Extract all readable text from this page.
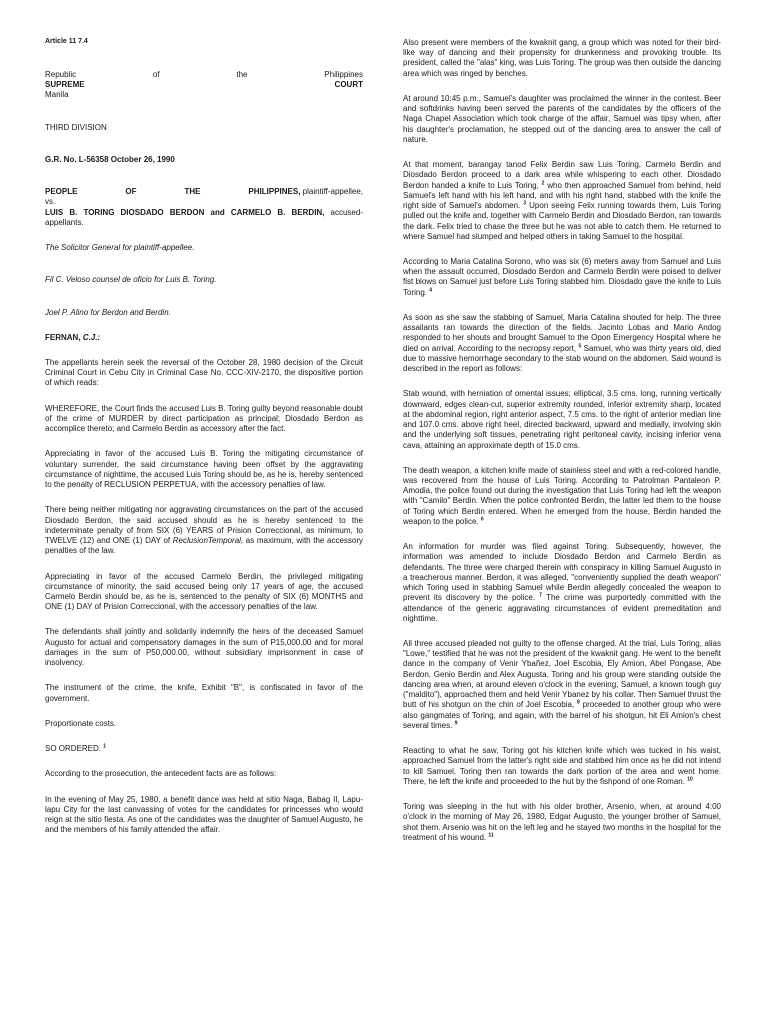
Article 11 7.4

Republic	of	the	Philippines
SUPREME	COURT

Manila

THIRD DIVISION

G.R. No. L-56358 October 26, 1990

PEOPLE	OF	THE	PHILIPPINES, plaintiff-appellee,
vs.

LUIS B. TORING DIOSDADO BERDON and CARMELO B. BERDIN, accused-appellants.

The Solicitor General for plaintiff-appellee.

Fil C. Veloso counsel de oficio for Luis B. Toring.

Joel P. Alino for Berdon and Berdin.

FERNAN, C.J.:

The appellants herein seek the reversal of the October 28, 1980 decision of the Circuit Criminal Court in Cebu City in Criminal Case No. CCC-XIV-2170, the dispositive portion of which reads:

WHEREFORE, the Court finds the accused Luis B. Toring guilty beyond reasonable doubt of the crime of MURDER by direct participation as principal; Diosdado Berdon as accomplice thereto; and Carmelo Berdin as accessory after the fact.

Appreciating in favor of the accused Luis B. Toring the mitigating circumstance of voluntary surrender, the said circumstance having been offset by the aggravating circumstance of nighttime, the accused Luis Toring should be, as he is, hereby sentenced to the penalty of RECLUSION PERPETUA, with the accessory penalties of law.

There being neither mitigating nor aggravating circumstances on the part of the accused Diosdado Berdon, the said accused should as he is hereby sentenced to the indeterminate penalty of from SIX (6) YEARS of Prision Correccional, as minimum, to TWELVE (12) and ONE (1) DAY of ReclusionTemporal, as maximum, with the accessory penalties of the law.

Appreciating in favor of the accused Carmelo Berdin, the privileged mitigating circumstance of minority, the said accused being only 17 years of age, the accused Carmelo Berdin should be, as he is, sentenced to the penalty of SIX (6) MONTHS and ONE (1) DAY of Prision Correccional, with the accessory penalties of the law.

The defendants shall jointly and solidarily indemnify the heirs of the deceased Samuel Augusto for actual and compensatory damages in the sum of P15,000.00 and for moral damages in the sum of P50,000.00, without subsidiary imprisonment in case of insolvency.

The instrument of the crime, the knife, Exhibit "B", is confiscated in favor of the government.

Proportionate costs.

SO ORDERED. $^1$

According to the prosecution, the antecedent facts are as follows:

In the evening of May 25, 1980, a benefit dance was held at sitio Naga, Babag II, Lapu-lapu City for the last canvassing of votes for the candidates for princesses who would reign at the sitio fiesta. As one of the candidates was the daughter of Samuel Augusto, he and the members of his family attended the affair.

Also present were members of the kwaknit gang, a group which was noted for their bird-like way of dancing and their propensity for drunkenness and provoking trouble. Its president, called the "alas" king, was Luis Toring. The group was then outside the dancing area which was ringed by benches.

At around 10:45 p.m., Samuel's daughter was proclaimed the winner in the contest. Beer and softdrinks having been served the parents of the candidates by the officers of the Naga Chapel Association which took charge of the affair, Samuel was tipsy when, after his daughter's proclamation, he stepped out of the dancing area to answer the call of nature.

At that moment, barangay tanod Felix Berdin saw Luis Toring, Carmelo Berdin and Diosdado Berdon proceed to a dark area while whispering to each other. Diosdado Berdon handed a knife to Luis Toring, $^2$ who then approached Samuel from behind, held Samuel's left hand with his left hand, and with his right hand, stabbed with the knife the right side of Samuel's abdomen. $^3$ Upon seeing Felix running towards them, Luis Toring pulled out the knife and, together with Carmelo Berdin and Diosdado Berdon, ran towards the dark. Felix tried to chase the three but he was not able to catch them. He returned to where Samuel had slumped and helped others in taking Samuel to the hospital.

According to Maria Catalina Sorono, who was six (6) meters away from Samuel and Luis when the assault occurred, Diosdado Berdon and Carmelo Berdin were poised to deliver fist blows on Samuel just before Luis Toring stabbed him. Diosdado gave the knife to Luis Toring. $^4$

As soon as she saw the stabbing of Samuel, Maria Catalina shouted for help. The three assailants ran towards the direction of the fields. Jacinto Lobas and Mario Andog responded to her shouts and brought Samuel to the Opon Emergency Hospital where he died on arrival. According to the necropsy report, $^5$ Samuel, who was thirty years old, died due to massive hemorrhage secondary to the stab wound on the abdomen. Said wound is described in the report as follows:

Stab wound, with herniation of omental issues; elliptical, 3.5 cms. long, running vertically downward, edges clean-cut, superior extremity rounded, inferior extremity sharp, located at the abdominal region, right anterior aspect, 7.5 cms. to the right of anterior median line and 107.0 cms. above right heel, directed backward, upward and medially, involving skin and the underlying soft tissues, penetrating right peritoneal cavity, incising inferior vena cava, attaining an approximate depth of 15.0 cms.

The death weapon, a kitchen knife made of stainless steel and with a red-colored handle, was recovered from the house of Luis Toring. According to Patrolman Pantaleon P. Amodia, the police found out during the investigation that Luis Toring had left the weapon with "Camilo" Berdin. When the police confronted Berdin, the latter led them to the house of Toring which Berdin entered. When he emerged from the house, Berdin handed the weapon to the police. $^6$

An information for murder was filed against Toring. Subsequently, however, the information was amended to include Diosdado Berdon and Carmelo Berdin as defendants. The three were charged therein with conspiracy in killing Samuel Augusto in a treacherous manner. Berdon, it was alleged, "conveniently supplied the death weapon" which Toring used in stabbing Samuel while Berdin allegedly concealed the weapon to prevent its discovery by the police. $^7$ The crime was purportedly committed with the attendance of the generic aggravating circumstances of evident premeditation and nighttime.

All three accused pleaded not guilty to the offense charged. At the trial, Luis Toring, alias "Lowe," testified that he was not the president of the kwaknit gang. He went to the benefit dance in the company of Venir Ybañez, Joel Escobia, Ely Amion, Abel Pongase, Abe Berdon, Genio Berdin and Alex Augusta. Toring and his group were standing outside the dancing area when, at around eleven o'clock in the evening, Samuel, a known tough guy ("maldito"), approached them and held Venir Ybanez by his collar. Then Samuel thrust the butt of his shotgun on the chin of Joel Escobia, $^8$ proceeded to another group who were also gangmates of Toring, and again, with the barrel of his shotgun, hit Eli Amion's chest several times. $^9$

Reacting to what he saw, Toring got his kitchen knife which was tucked in his waist, approached Samuel from the latter's right side and stabbed him once as he did not intend to kill Samuel. Toring then ran towards the dark portion of the area and went home. There, he left the knife and proceeded to the hut by the fishpond of one Roman. $^{10}$

Toring was sleeping in the hut with his older brother, Arsenio, when, at around 4:00 o'clock in the morning of May 26, 1980, Edgar Augusto, the younger brother of Samuel, shot them. Arsenio was hit on the left leg and he stayed two months in the hospital for the treatment of his wound. $^{11}$
